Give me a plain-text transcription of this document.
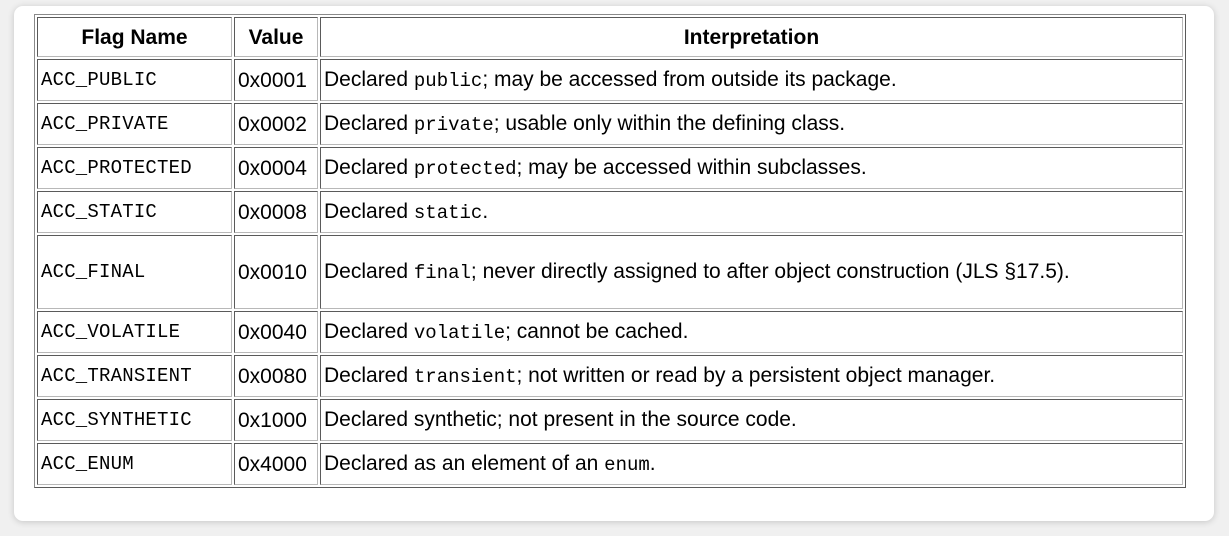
Flag Name	Value	Interpretation
ACC_PUBLIC	0x0001	Declared public; may be accessed from outside its package.
ACC_PRIVATE	0x0002	Declared private; usable only within the defining class.
ACC_PROTECTED	0x0004	Declared protected; may be accessed within subclasses.
ACC_STATIC	0x0008	Declared static.
ACC_FINAL	0x0010	Declared final; never directly assigned to after object construction (JLS §17.5).
ACC_VOLATILE	0x0040	Declared volatile; cannot be cached.
ACC_TRANSIENT	0x0080	Declared transient; not written or read by a persistent object manager.
ACC_SYNTHETIC	0x1000	Declared synthetic; not present in the source code.
ACC_ENUM	0x4000	Declared as an element of an enum.
